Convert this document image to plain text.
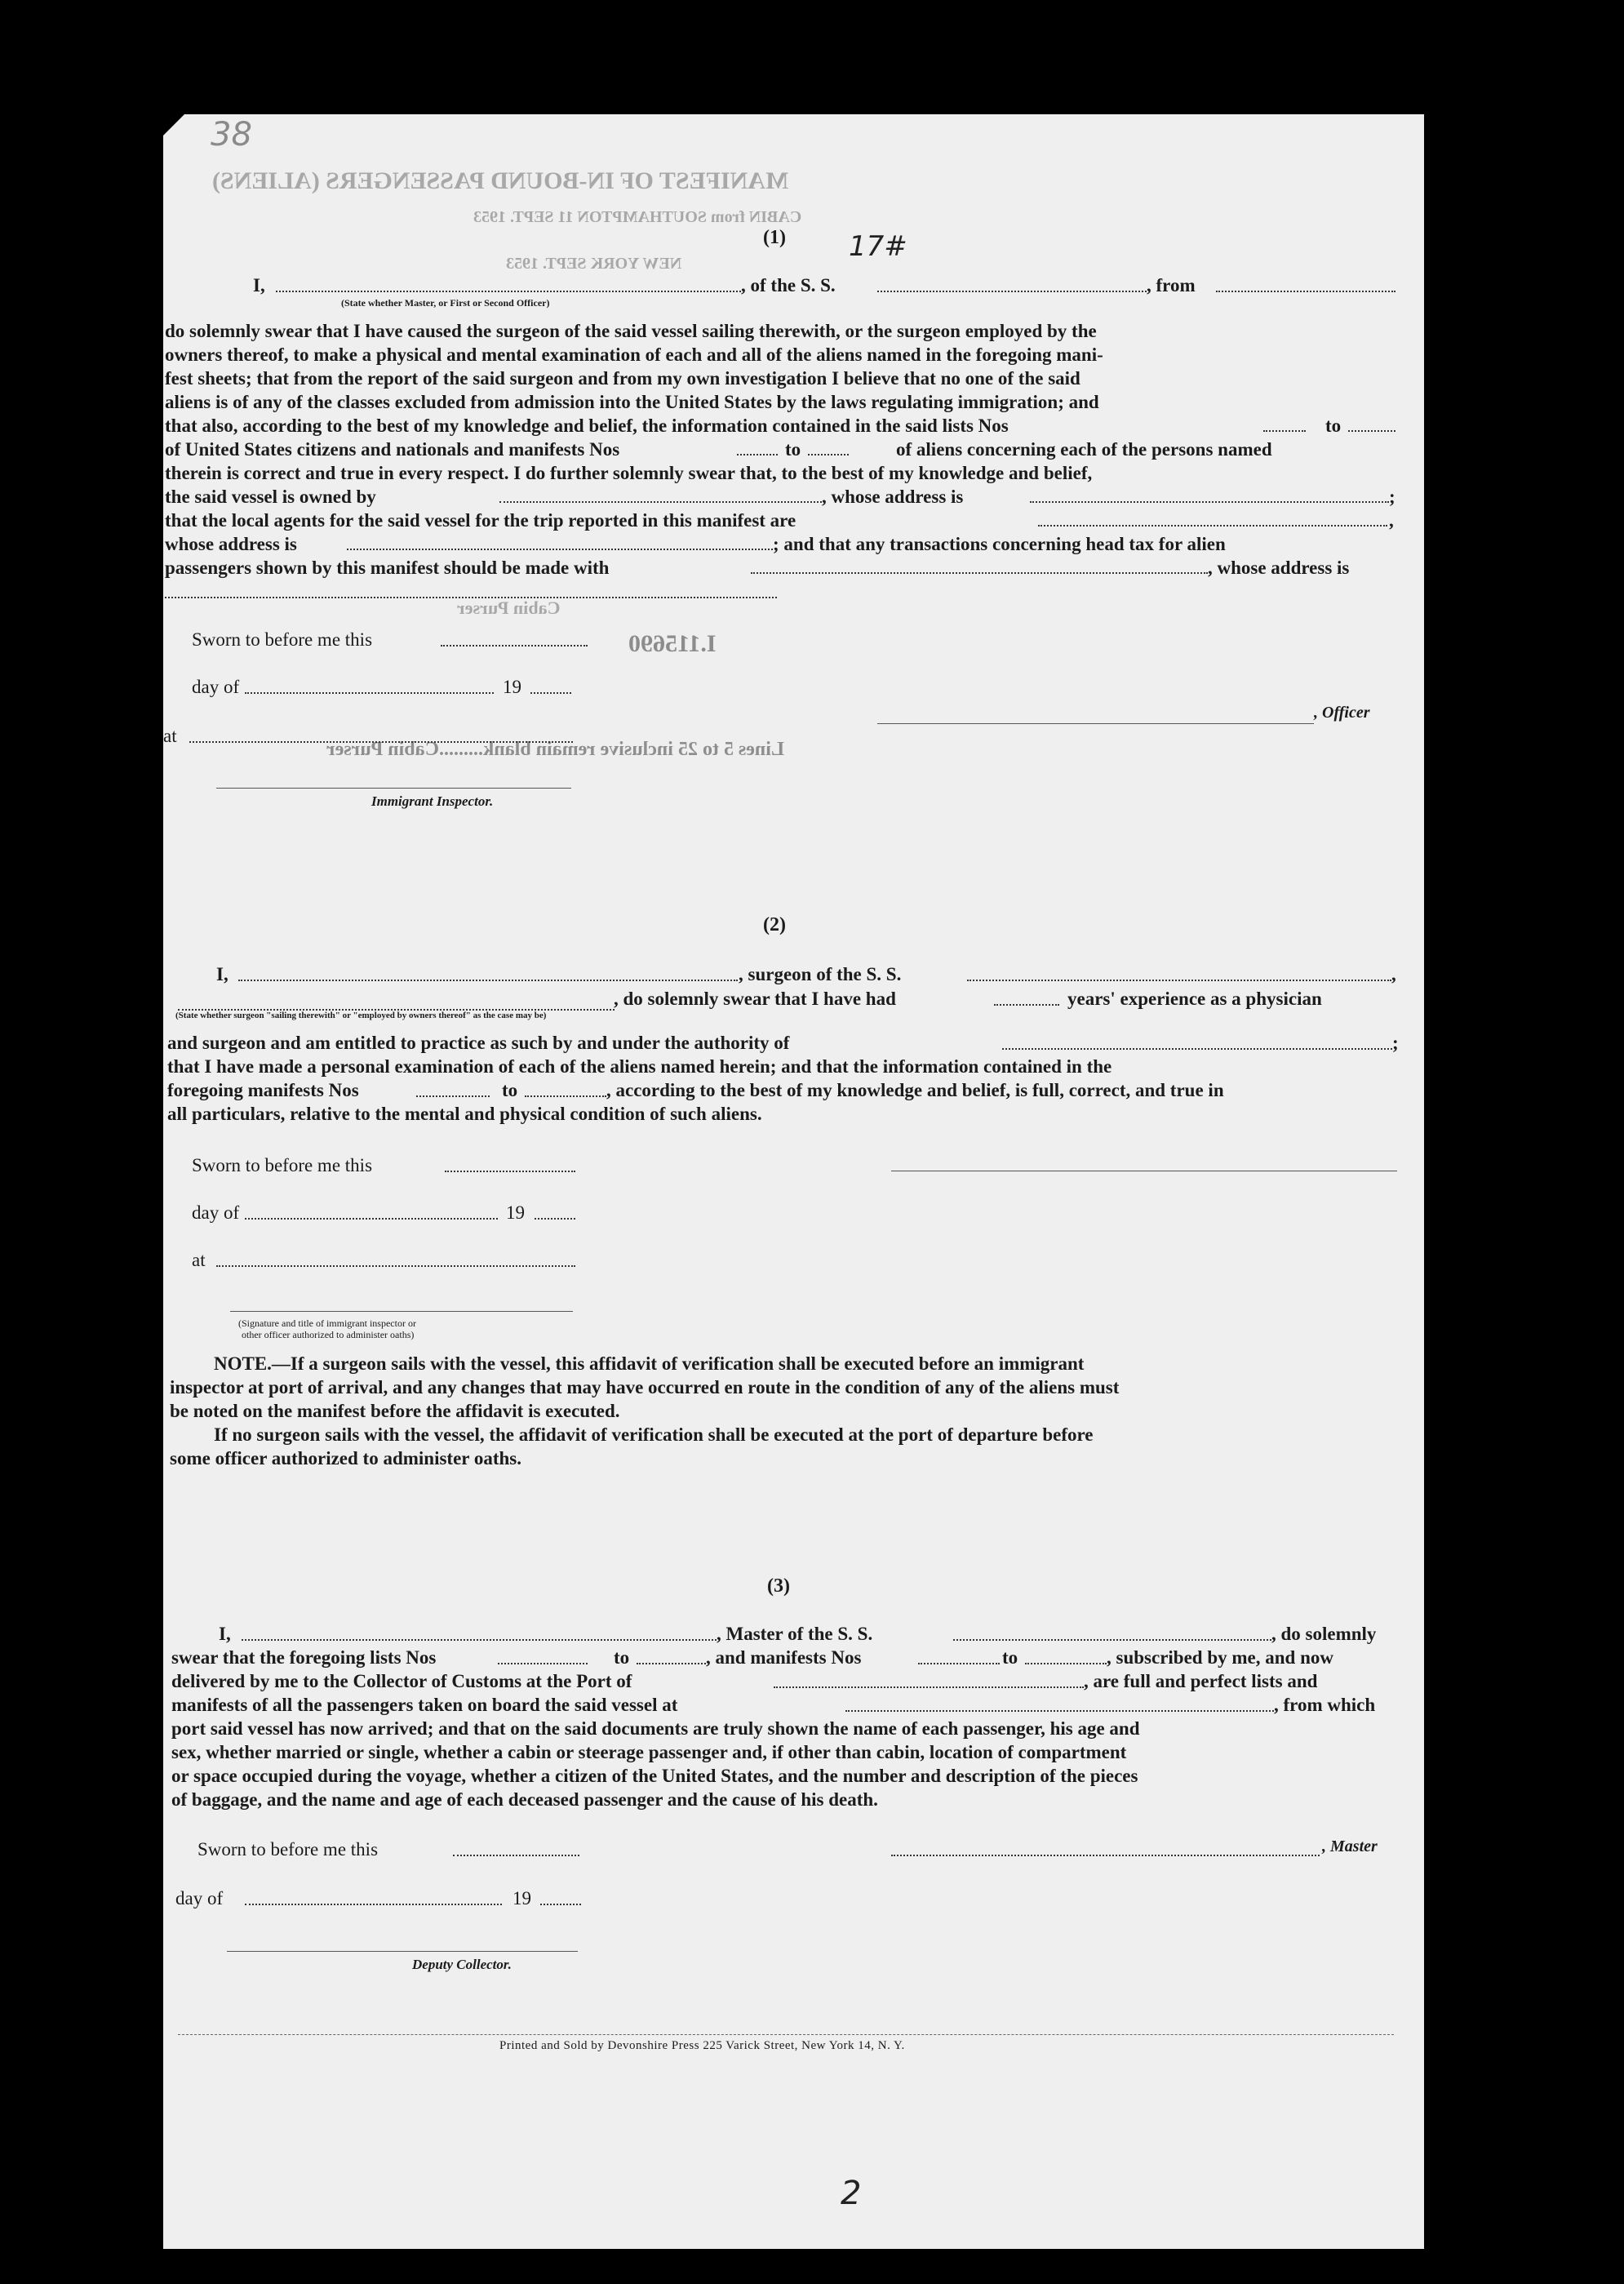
38
17#
2
MANIFEST OF IN-BOUND PASSENGERS (ALIENS)
CABIN from SOUTHAMPTON 11 SEPT. 1953
NEW YORK SEPT. 1953
I.115690
Cabin Purser
Lines 5 to 25 inclusive remain blank.........Cabin Purser
(1)
I,	, of the S. S.	, from
(State whether Master, or First or Second Officer)
do solemnly swear that I have caused the surgeon of the said vessel sailing therewith, or the surgeon employed by the
owners thereof, to make a physical and mental examination of each and all of the aliens named in the foregoing mani-
fest sheets; that from the report of the said surgeon and from my own investigation I believe that no one of the said
aliens is of any of the classes excluded from admission into the United States by the laws regulating immigration; and
that also, according to the best of my knowledge and belief, the information contained in the said lists Nos	to
of United States citizens and nationals and manifests Nos	to	of aliens concerning each of the persons named
therein is correct and true in every respect. I do further solemnly swear that, to the best of my knowledge and belief,
the said vessel is owned by	, whose address is	;
that the local agents for the said vessel for the trip reported in this manifest are	,
whose address is	; and that any transactions concerning head tax for alien
passengers shown by this manifest should be made with	, whose address is
Sworn to before me this
day of	19
at
Immigrant Inspector.
, Officer
(2)
I,	, surgeon of the S. S.	,
, do solemnly swear that I have had	years' experience as a physician
(State whether surgeon "sailing therewith" or "employed by owners thereof" as the case may be)
and surgeon and am entitled to practice as such by and under the authority of	;
that I have made a personal examination of each of the aliens named herein; and that the information contained in the
foregoing manifests Nos	to	, according to the best of my knowledge and belief, is full, correct, and true in
all particulars, relative to the mental and physical condition of such aliens.
Sworn to before me this
day of	19
at
(Signature and title of immigrant inspector or
other officer authorized to administer oaths)
NOTE.—If a surgeon sails with the vessel, this affidavit of verification shall be executed before an immigrant
inspector at port of arrival, and any changes that may have occurred en route in the condition of any of the aliens must
be noted on the manifest before the affidavit is executed.
If no surgeon sails with the vessel, the affidavit of verification shall be executed at the port of departure before
some officer authorized to administer oaths.
(3)
I,	, Master of the S. S.	, do solemnly
swear that the foregoing lists Nos	to	, and manifests Nos	to	, subscribed by me, and now
delivered by me to the Collector of Customs at the Port of	, are full and perfect lists and
manifests of all the passengers taken on board the said vessel at	, from which
port said vessel has now arrived; and that on the said documents are truly shown the name of each passenger, his age and
sex, whether married or single, whether a cabin or steerage passenger and, if other than cabin, location of compartment
or space occupied during the voyage, whether a citizen of the United States, and the number and description of the pieces
of baggage, and the name and age of each deceased passenger and the cause of his death.
Sworn to before me this	, Master
day of	19
Deputy Collector.
Printed and Sold by Devonshire Press 225 Varick Street, New York 14, N. Y.
